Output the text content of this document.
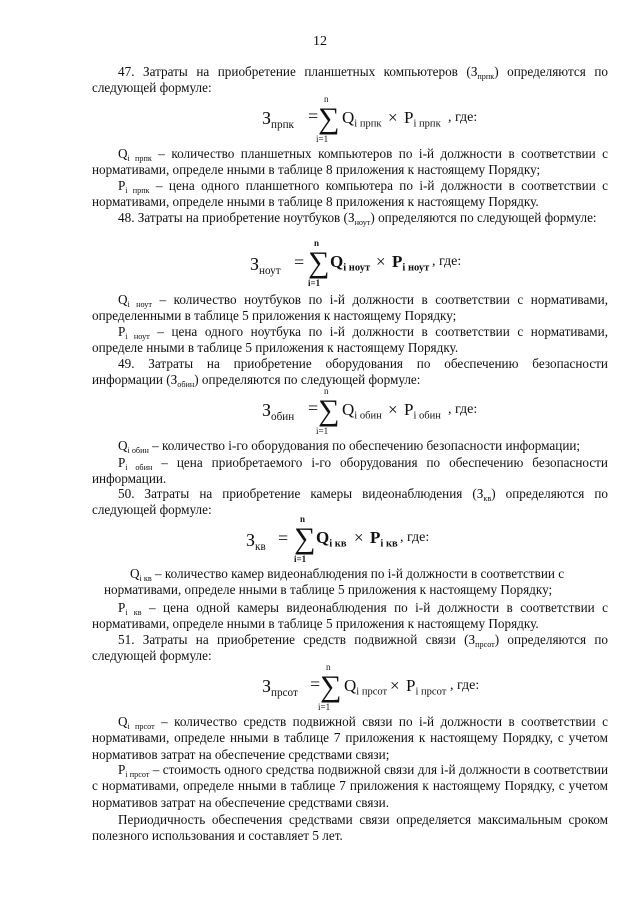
12
47. Затраты на приобретение планшетных компьютеров $(З_{прпк})$ определяются по следующей формуле:
$З_{прпк}$ =
n
∑
i=1
$Q_{i прпк} \times P_{i прпк}$ , где:
$Q_{i прпк}$ – количество планшетных компьютеров по i-й должности в соответствии с нормативами, определе нными в таблице 8 приложения к настоящему Порядку;
$P_{i прпк}$ – цена одного планшетного компьютера по i-й должности в соответствии с нормативами, определе нными в таблице 8 приложения к настоящему Порядку.
48. Затраты на приобретение ноутбуков $(З_{ноут})$ определяются по следующей формуле:
$З_{ноут}$ =
n
∑
i=1
$Q_{i ноут} \times P_{i ноут}$ , где:
$Q_{i ноут}$ – количество ноутбуков по i-й должности в соответствии с нормативами, определенными в таблице 5 приложения к настоящему Порядку;
$P_{i ноут}$ – цена одного ноутбука по i-й должности в соответствии с нормативами, определе нными в таблице 5 приложения к настоящему Порядку.
49. Затраты на приобретение оборудования по обеспечению безопасности информации $(З_{обин})$ определяются по следующей формуле:
$З_{обин}$ =
n
∑
i=1
$Q_{i обин} \times P_{i обин}$ , где:
$Q_{i обин}$ – количество i-го оборудования по обеспечению безопасности информации;
$P_{i обин}$ – цена приобретаемого i-го оборудования по обеспечению безопасности информации.
50. Затраты на приобретение камеры видеонаблюдения $(З_{кв})$ определяются по следующей формуле:
$З_{кв}$ =
n
∑
i=1
$Q_{i кв} \times P_{i кв}$ , где:
$Q_{i кв}$ – количество камер видеонаблюдения по i-й должности в соответствии с нормативами, определе нными в таблице 5 приложения к настоящему Порядку;
$P_{i кв}$ – цена одной камеры видеонаблюдения по i-й должности в соответствии с нормативами, определе нными в таблице 5 приложения к настоящему Порядку.
51. Затраты на приобретение средств подвижной связи $(З_{прсот})$ определяются по следующей формуле:
$З_{прсот}$ =
n
∑
i=1
$Q_{i прсот} \times P_{i прсот}$ , где:
$Q_{i прсот}$ – количество средств подвижной связи по i-й должности в соответствии с нормативами, определе нными в таблице 7 приложения к настоящему Порядку, с учетом нормативов затрат на обеспечение средствами связи;
$P_{i прсот}$ – стоимость одного средства подвижной связи для i-й должности в соответствии с нормативами, определе нными в таблице 7 приложения к настоящему Порядку, с учетом нормативов затрат на обеспечение средствами связи.
Периодичность обеспечения средствами связи определяется максимальным сроком полезного использования и составляет 5 лет.
